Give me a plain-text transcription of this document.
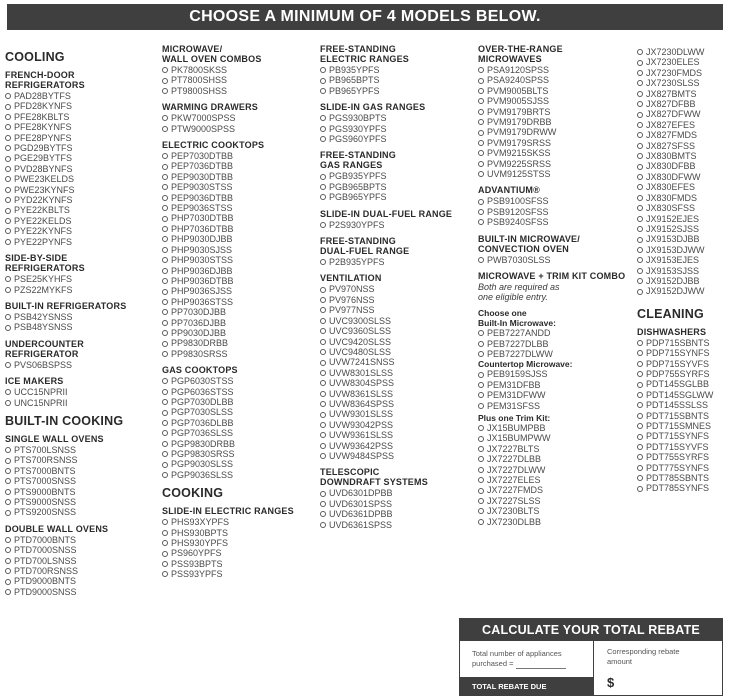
CHOOSE A MINIMUM OF 4 MODELS BELOW.
COOLING
FRENCH-DOOR
REFRIGERATORS
PAD28BYTFS
PFD28KYNFS
PFE28KBLTS
PFE28KYNFS
PFE28PYNFS
PGD29BYTFS
PGE29BYTFS
PVD28BYNFS
PWE23KELDS
PWE23KYNFS
PYD22KYNFS
PYE22KBLTS
PYE22KELDS
PYE22KYNFS
PYE22PYNFS
SIDE-BY-SIDE
REFRIGERATORS
PSE25KYHFS
PZS22MYKFS
BUILT-IN REFRIGERATORS
PSB42YSNSS
PSB48YSNSS
UNDERCOUNTER
REFRIGERATOR
PVS06BSPSS
ICE MAKERS
UCC15NPRII
UNC15NPRII
BUILT-IN COOKING
SINGLE WALL OVENS
PTS700LSNSS
PTS700RSNSS
PTS7000BNTS
PTS7000SNSS
PTS9000BNTS
PTS9000SNSS
PTS9200SNSS
DOUBLE WALL OVENS
PTD7000BNTS
PTD7000SNSS
PTD700LSNSS
PTD700RSNSS
PTD9000BNTS
PTD9000SNSS
MICROWAVE/
WALL OVEN COMBOS
PK7800SKSS
PT7800SHSS
PT9800SHSS
WARMING DRAWERS
PKW7000SPSS
PTW9000SPSS
ELECTRIC COOKTOPS
PEP7030DTBB
PEP7036DTBB
PEP9030DTBB
PEP9030STSS
PEP9036DTBB
PEP9036STSS
PHP7030DTBB
PHP7036DTBB
PHP9030DJBB
PHP9030SJSS
PHP9030STSS
PHP9036DJBB
PHP9036DTBB
PHP9036SJSS
PHP9036STSS
PP7030DJBB
PP7036DJBB
PP9030DJBB
PP9830DRBB
PP9830SRSS
GAS COOKTOPS
PGP6030STSS
PGP6036STSS
PGP7030DLBB
PGP7030SLSS
PGP7036DLBB
PGP7036SLSS
PGP9830DRBB
PGP9830SRSS
PGP9030SLSS
PGP9036SLSS
COOKING
SLIDE-IN ELECTRIC RANGES
PHS93XYPFS
PHS930BPTS
PHS930YPFS
PS960YPFS
PSS93BPTS
PSS93YPFS
FREE-STANDING
ELECTRIC RANGES
PB935YPFS
PB965BPTS
PB965YPFS
SLIDE-IN GAS RANGES
PGS930BPTS
PGS930YPFS
PGS960YPFS
FREE-STANDING
GAS RANGES
PGB935YPFS
PGB965BPTS
PGB965YPFS
SLIDE-IN DUAL-FUEL RANGE
P2S930YPFS
FREE-STANDING
DUAL-FUEL RANGE
P2B935YPFS
VENTILATION
PV970NSS
PV976NSS
PV977NSS
UVC9300SLSS
UVC9360SLSS
UVC9420SLSS
UVC9480SLSS
UVW7241SNSS
UVW8301SLSS
UVW8304SPSS
UVW8361SLSS
UVW8364SPSS
UVW9301SLSS
UVW93042PSS
UVW9361SLSS
UVW93642PSS
UVW9484SPSS
TELESCOPIC
DOWNDRAFT SYSTEMS
UVD6301DPBB
UVD6301SPSS
UVD6361DPBB
UVD6361SPSS
OVER-THE-RANGE
MICROWAVES
PSA9120SPSS
PSA9240SPSS
PVM9005BLTS
PVM9005SJSS
PVM9179BRTS
PVM9179DRBB
PVM9179DRWW
PVM9179SRSS
PVM9215SKSS
PVM9225SRSS
UVM9125STSS
ADVANTIUM®
PSB9100SFSS
PSB9120SFSS
PSB9240SFSS
BUILT-IN MICROWAVE/
CONVECTION OVEN
PWB7030SLSS
MICROWAVE + TRIM KIT COMBO
Both are required as
one eligible entry.
Choose one
Built-In Microwave:
PEB7227ANDD
PEB7227DLBB
PEB7227DLWW
Countertop Microwave:
PEB9159SJSS
PEM31DFBB
PEM31DFWW
PEM31SFSS
Plus one Trim Kit:
JX15BUMPBB
JX15BUMPWW
JX7227BLTS
JX7227DLBB
JX7227DLWW
JX7227ELES
JX7227FMDS
JX7227SLSS
JX7230BLTS
JX7230DLBB
JX7230DLWW
JX7230ELES
JX7230FMDS
JX7230SLSS
JX827BMTS
JX827DFBB
JX827DFWW
JX827EFES
JX827FMDS
JX827SFSS
JX830BMTS
JX830DFBB
JX830DFWW
JX830EFES
JX830FMDS
JX830SFSS
JX9152EJES
JX9152SJSS
JX9153DJBB
JX9153DJWW
JX9153EJES
JX9153SJSS
JX9152DJBB
JX9152DJWW
CLEANING
DISHWASHERS
PDP715SBNTS
PDP715SYNFS
PDP715SYVFS
PDP755SYRFS
PDT145SGLBB
PDT145SGLWW
PDT145SSLSS
PDT715SBNTS
PDT715SMNES
PDT715SYNFS
PDT715SYVFS
PDT755SYRFS
PDT775SYNFS
PDT785SBNTS
PDT785SYNFS
CALCULATE YOUR TOTAL REBATE
Total number of appliances
purchased =
Corresponding rebate
amount
$
TOTAL REBATE DUE
